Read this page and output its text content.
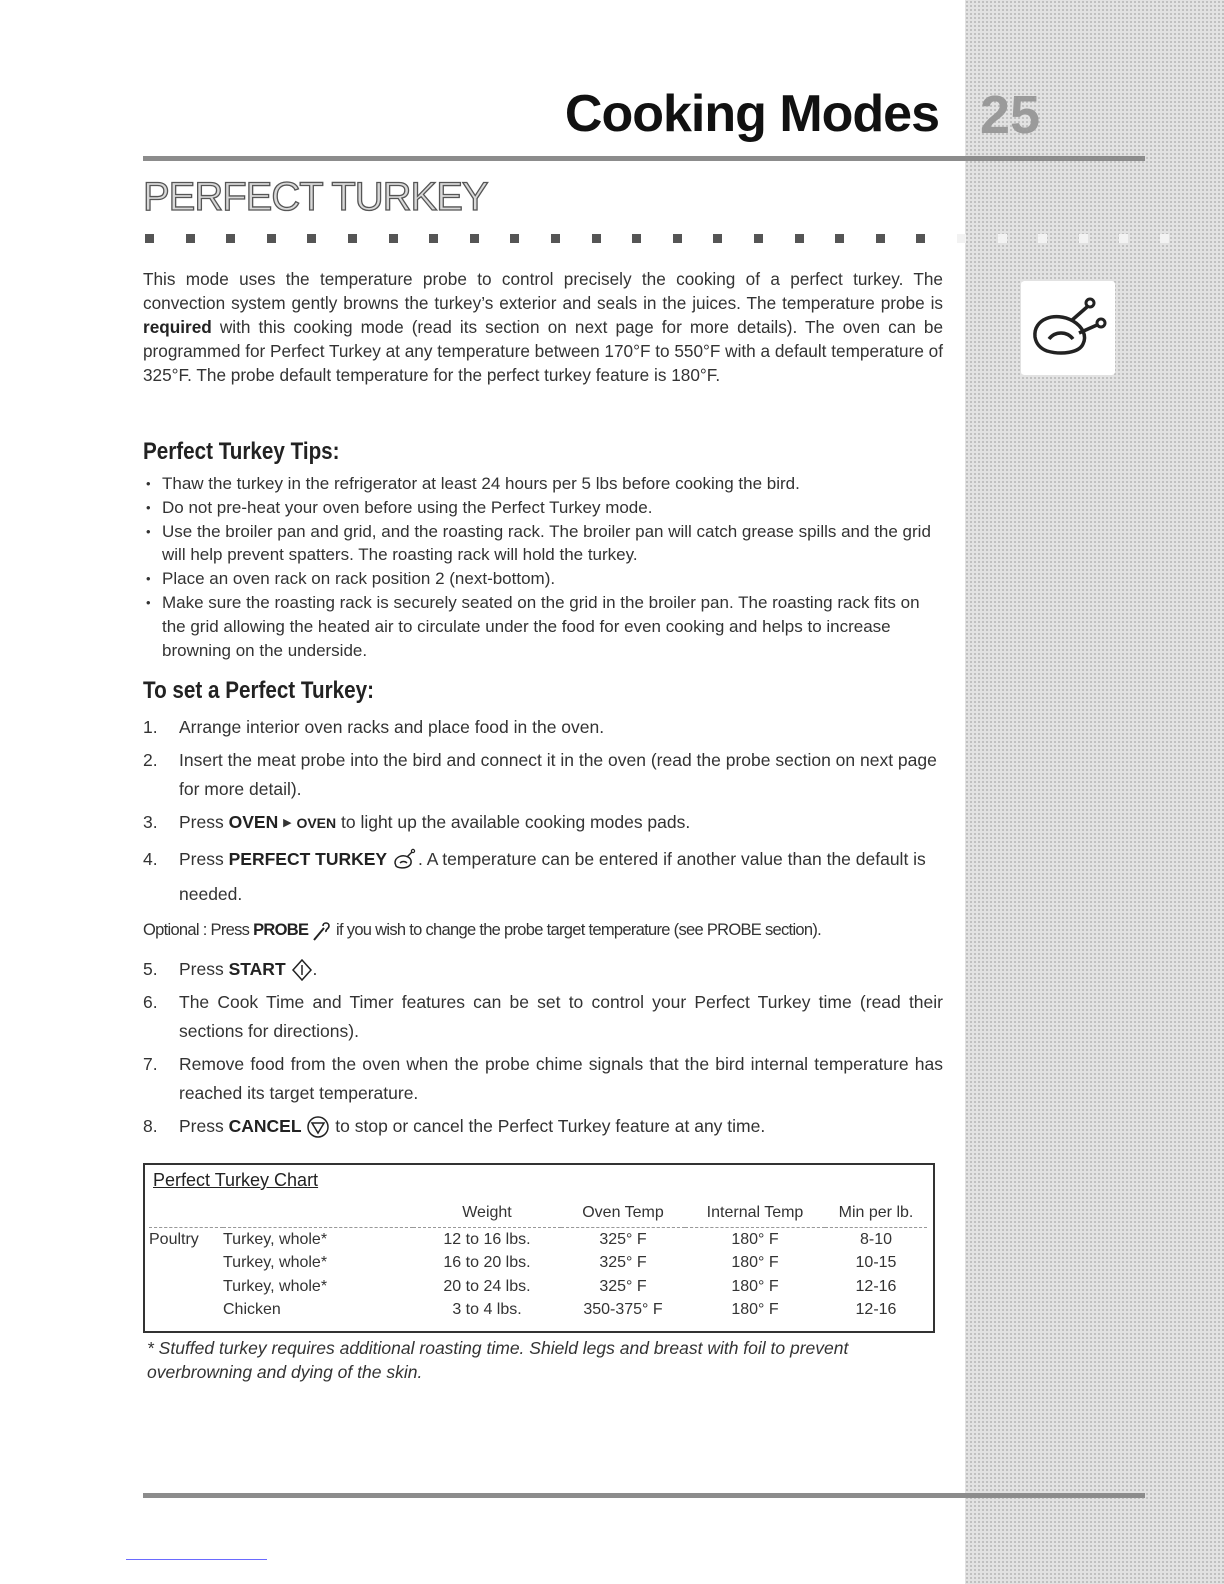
Cooking Modes 25
PERFECT TURKEY

This mode uses the temperature probe to control precisely the cooking of a perfect turkey. The convection system gently browns the turkey’s exterior and seals in the juices. The temperature probe is required with this cooking mode (read its section on next page for more details). The oven can be programmed for Perfect Turkey at any temperature between 170°F to 550°F with a default temperature of 325°F. The probe default temperature for the perfect turkey feature is 180°F.

Perfect Turkey Tips:
• Thaw the turkey in the refrigerator at least 24 hours per 5 lbs before cooking the bird.
• Do not pre-heat your oven before using the Perfect Turkey mode.
• Use the broiler pan and grid, and the roasting rack. The broiler pan will catch grease spills and the grid will help prevent spatters. The roasting rack will hold the turkey.
• Place an oven rack on rack position 2 (next-bottom).
• Make sure the roasting rack is securely seated on the grid in the broiler pan. The roasting rack fits on the grid allowing the heated air to circulate under the food for even cooking and helps to increase browning on the underside.
To set a Perfect Turkey:
1. Arrange interior oven racks and place food in the oven.
2. Insert the meat probe into the bird and connect it in the oven (read the probe section on next page for more detail).
3. Press OVEN ▶ OVEN to light up the available cooking modes pads.
4. Press PERFECT TURKEY . A temperature can be entered if another value than the default is needed.
Optional : Press PROBE  if you wish to change the probe target temperature (see PROBE section).
5. Press START .
6. The Cook Time and Timer features can be set to control your Perfect Turkey time (read their sections for directions).
7. Remove food from the oven when the probe chime signals that the bird internal temperature has reached its target temperature.
8. Press CANCEL  to stop or cancel the Perfect Turkey feature at any time.
Perfect Turkey Chart
		Weight	Oven Temp	Internal Temp	Min per lb.
Poultry	Turkey, whole*	12 to 16 lbs.	325° F	180° F	8-10
	Turkey, whole*	16 to 20 lbs.	325° F	180° F	10-15
	Turkey, whole*	20 to 24 lbs.	325° F	180° F	12-16
	Chicken	3 to 4 lbs.	350-375° F	180° F	12-16

* Stuffed turkey requires additional roasting time. Shield legs and breast with foil to prevent overbrowning and dying of the skin.
